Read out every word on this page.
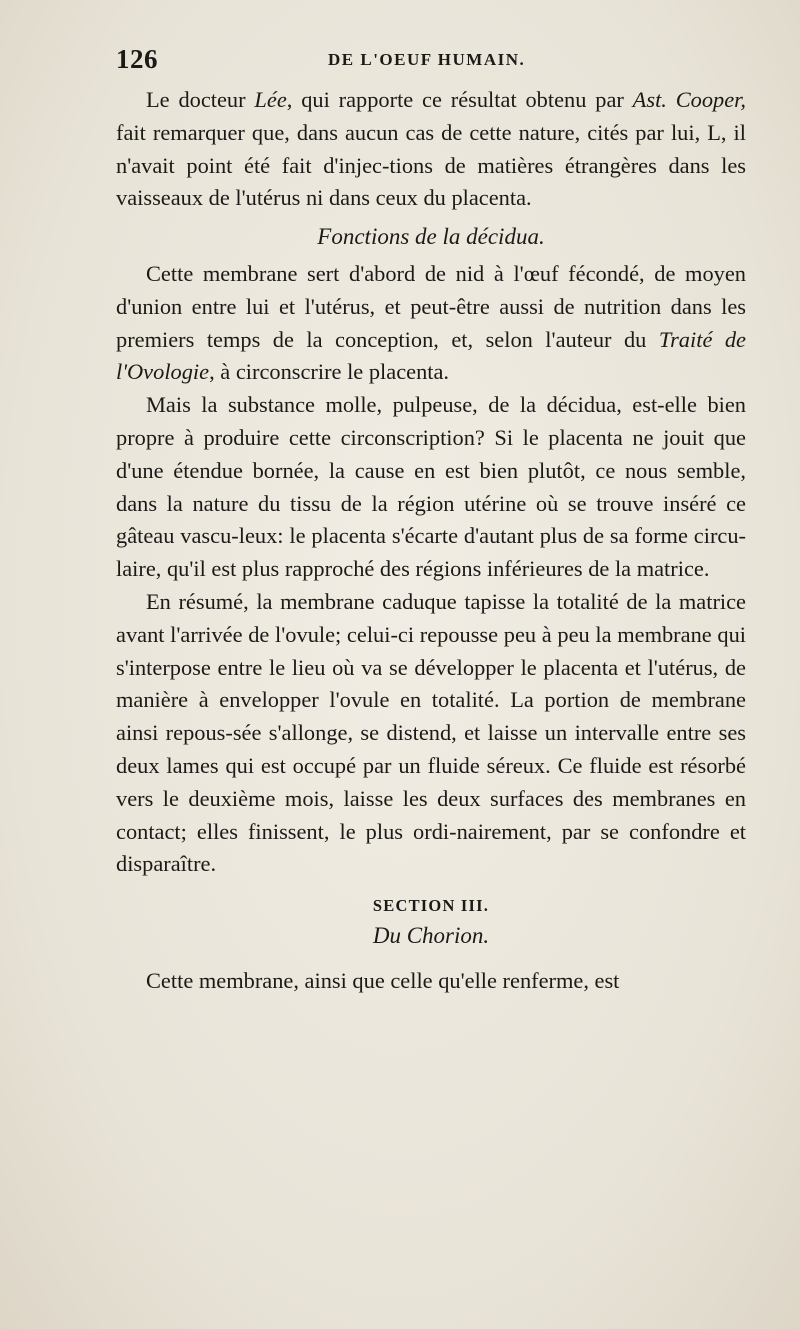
126	DE L'OEUF HUMAIN.

Le docteur Lée, qui rapporte ce résultat obtenu par Ast. Cooper, fait remarquer que, dans aucun cas de cette nature, cités par lui, L, il n'avait point été fait d'injec-tions de matières étrangères dans les vaisseaux de l'utérus ni dans ceux du placenta.

Fonctions de la décidua.

Cette membrane sert d'abord de nid à l'œuf fécondé, de moyen d'union entre lui et l'utérus, et peut-être aussi de nutrition dans les premiers temps de la conception, et, selon l'auteur du Traité de l'Ovologie, à circonscrire le placenta.

Mais la substance molle, pulpeuse, de la décidua, est-elle bien propre à produire cette circonscription? Si le placenta ne jouit que d'une étendue bornée, la cause en est bien plutôt, ce nous semble, dans la nature du tissu de la région utérine où se trouve inséré ce gâteau vascu-leux: le placenta s'écarte d'autant plus de sa forme circu-laire, qu'il est plus rapproché des régions inférieures de la matrice.

En résumé, la membrane caduque tapisse la totalité de la matrice avant l'arrivée de l'ovule; celui-ci repousse peu à peu la membrane qui s'interpose entre le lieu où va se développer le placenta et l'utérus, de manière à envelopper l'ovule en totalité. La portion de membrane ainsi repous-sée s'allonge, se distend, et laisse un intervalle entre ses deux lames qui est occupé par un fluide séreux. Ce fluide est résorbé vers le deuxième mois, laisse les deux surfaces des membranes en contact; elles finissent, le plus ordi-nairement, par se confondre et disparaître.

SECTION III.
Du Chorion.

Cette membrane, ainsi que celle qu'elle renferme, est
